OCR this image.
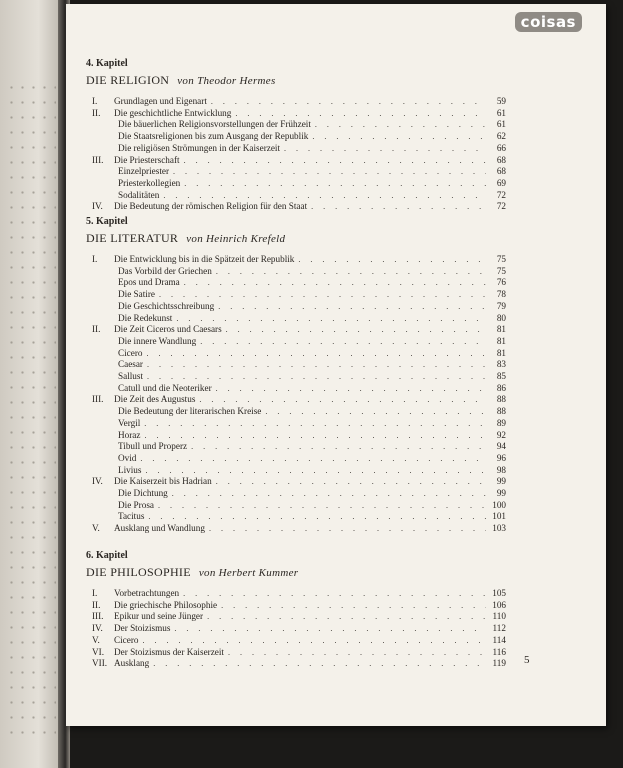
coisas
4. Kapitel
DIE RELIGION von Theodor Hermes
I.	Grundlagen und Eigenart . . .	59
II.	Die geschichtliche Entwicklung . . .	61
Die bäuerlichen Religionsvorstellungen der Frühzeit . . .	61
Die Staatsreligionen bis zum Ausgang der Republik . . .	62
Die religiösen Strömungen in der Kaiserzeit . . .	66
III.	Die Priesterschaft . . .	68
Einzelpriester . . .	68
Priesterkollegien . . .	69
Sodalitäten . . .	72
IV.	Die Bedeutung der römischen Religion für den Staat . . .	72
5. Kapitel
DIE LITERATUR von Heinrich Krefeld
I.	Die Entwicklung bis in die Spätzeit der Republik . . .	75
Das Vorbild der Griechen . . .	75
Epos und Drama . . .	76
Die Satire . . .	78
Die Geschichtsschreibung . . .	79
Die Redekunst . . .	80
II.	Die Zeit Ciceros und Caesars . . .	81
Die innere Wandlung . . .	81
Cicero . . .	81
Caesar . . .	83
Sallust . . .	85
Catull und die Neoteriker . . .	86
III.	Die Zeit des Augustus . . .	88
Die Bedeutung der literarischen Kreise . . .	88
Vergil . . .	89
Horaz . . .	92
Tibull und Properz . . .	94
Ovid . . .	96
Livius . . .	98
IV.	Die Kaiserzeit bis Hadrian . . .	99
Die Dichtung . . .	99
Die Prosa . . .	100
Tacitus . . .	101
V.	Ausklang und Wandlung . . .	103
6. Kapitel
DIE PHILOSOPHIE von Herbert Kummer
I.	Vorbetrachtungen . . .	105
II.	Die griechische Philosophie . . .	106
III.	Epikur und seine Jünger . . .	110
IV.	Der Stoizismus . . .	112
V.	Cicero . . .	114
VI.	Der Stoizismus der Kaiserzeit . . .	116
VII. Ausklang . . .	119 5
